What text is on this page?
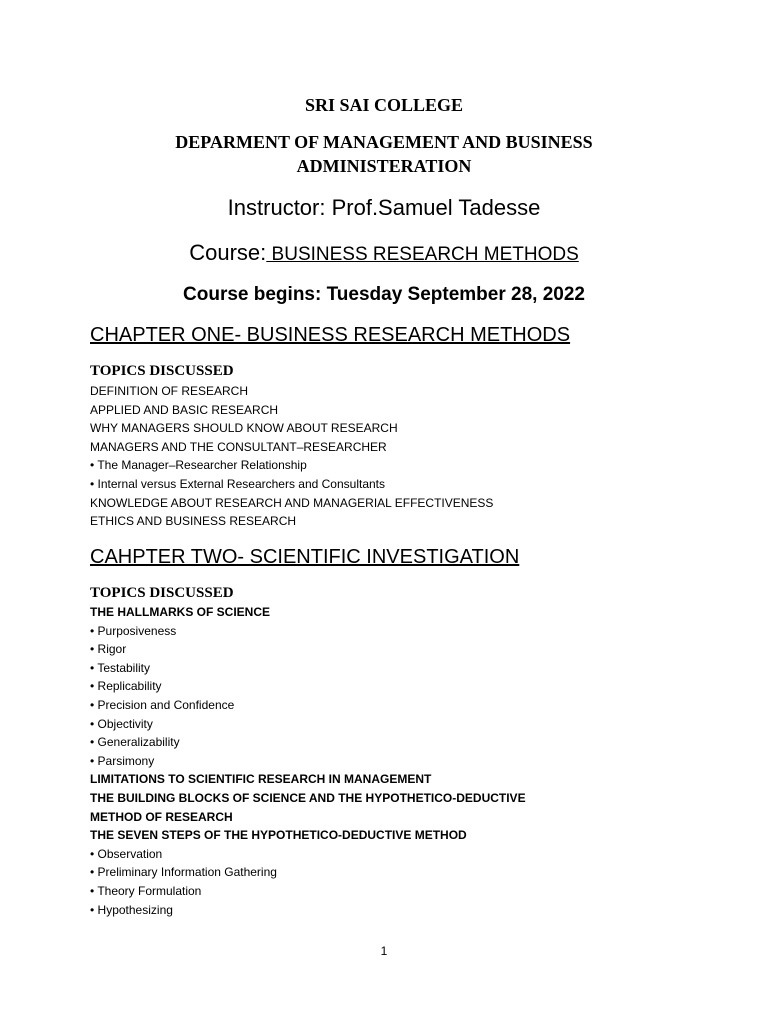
SRI SAI COLLEGE
DEPARMENT OF MANAGEMENT AND BUSINESS ADMINISTERATION
Instructor: Prof.Samuel Tadesse
Course: BUSINESS RESEARCH METHODS
Course begins: Tuesday September 28, 2022
CHAPTER ONE- BUSINESS RESEARCH METHODS
TOPICS DISCUSSED
DEFINITION OF RESEARCH
APPLIED AND BASIC RESEARCH
WHY MANAGERS SHOULD KNOW ABOUT RESEARCH
MANAGERS AND THE CONSULTANT–RESEARCHER
• The Manager–Researcher Relationship
• Internal versus External Researchers and Consultants
KNOWLEDGE ABOUT RESEARCH AND MANAGERIAL EFFECTIVENESS
ETHICS AND BUSINESS RESEARCH
CAHPTER TWO- SCIENTIFIC INVESTIGATION
TOPICS DISCUSSED
THE HALLMARKS OF SCIENCE
• Purposiveness
• Rigor
• Testability
• Replicability
• Precision and Confidence
• Objectivity
• Generalizability
• Parsimony
LIMITATIONS TO SCIENTIFIC RESEARCH IN MANAGEMENT
THE BUILDING BLOCKS OF SCIENCE AND THE HYPOTHETICO-DEDUCTIVE
METHOD OF RESEARCH
THE SEVEN STEPS OF THE HYPOTHETICO-DEDUCTIVE METHOD
• Observation
• Preliminary Information Gathering
• Theory Formulation
• Hypothesizing
1
